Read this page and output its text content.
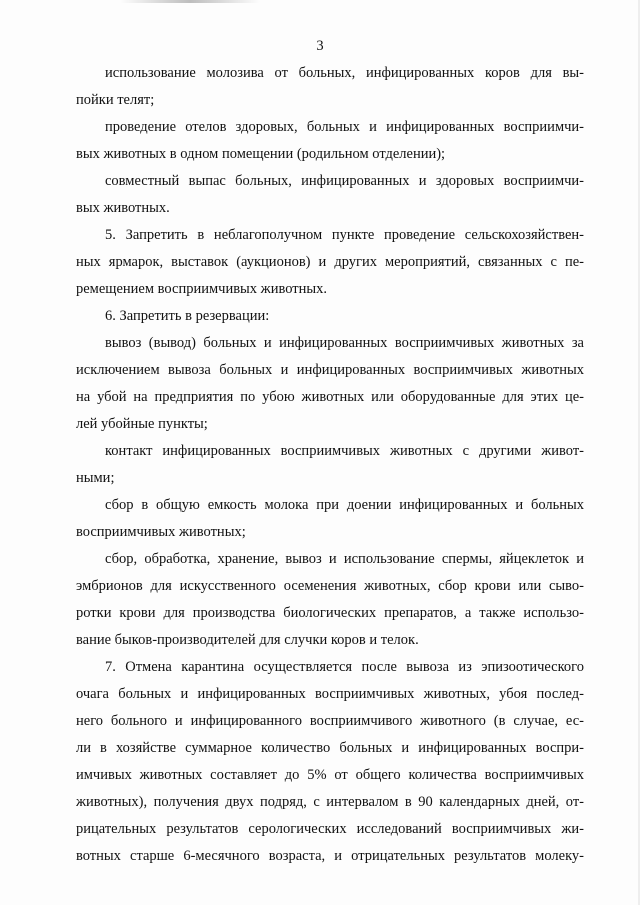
3
использование молозива от больных, инфицированных коров для вы-
пойки телят;
проведение отелов здоровых, больных и инфицированных восприимчи-
вых животных в одном помещении (родильном отделении);
совместный выпас больных, инфицированных и здоровых восприимчи-
вых животных.
5. Запретить в неблагополучном пункте проведение сельскохозяйствен-
ных ярмарок, выставок (аукционов) и других мероприятий, связанных с пе-
ремещением восприимчивых животных.
6. Запретить в резервации:
вывоз (вывод) больных и инфицированных восприимчивых животных за
исключением вывоза больных и инфицированных восприимчивых животных
на убой на предприятия по убою животных или оборудованные для этих це-
лей убойные пункты;
контакт инфицированных восприимчивых животных с другими живот-
ными;
сбор в общую емкость молока при доении инфицированных и больных
восприимчивых животных;
сбор, обработка, хранение, вывоз и использование спермы, яйцеклеток и
эмбрионов для искусственного осеменения животных, сбор крови или сыво-
ротки крови для производства биологических препаратов, а также использо-
вание быков-производителей для случки коров и телок.
7. Отмена карантина осуществляется после вывоза из эпизоотического
очага больных и инфицированных восприимчивых животных, убоя послед-
него больного и инфицированного восприимчивого животного (в случае, ес-
ли в хозяйстве суммарное количество больных и инфицированных воспри-
имчивых животных составляет до 5% от общего количества восприимчивых
животных), получения двух подряд, с интервалом в 90 календарных дней, от-
рицательных результатов серологических исследований восприимчивых жи-
вотных старше 6-месячного возраста, и отрицательных результатов молеку-
